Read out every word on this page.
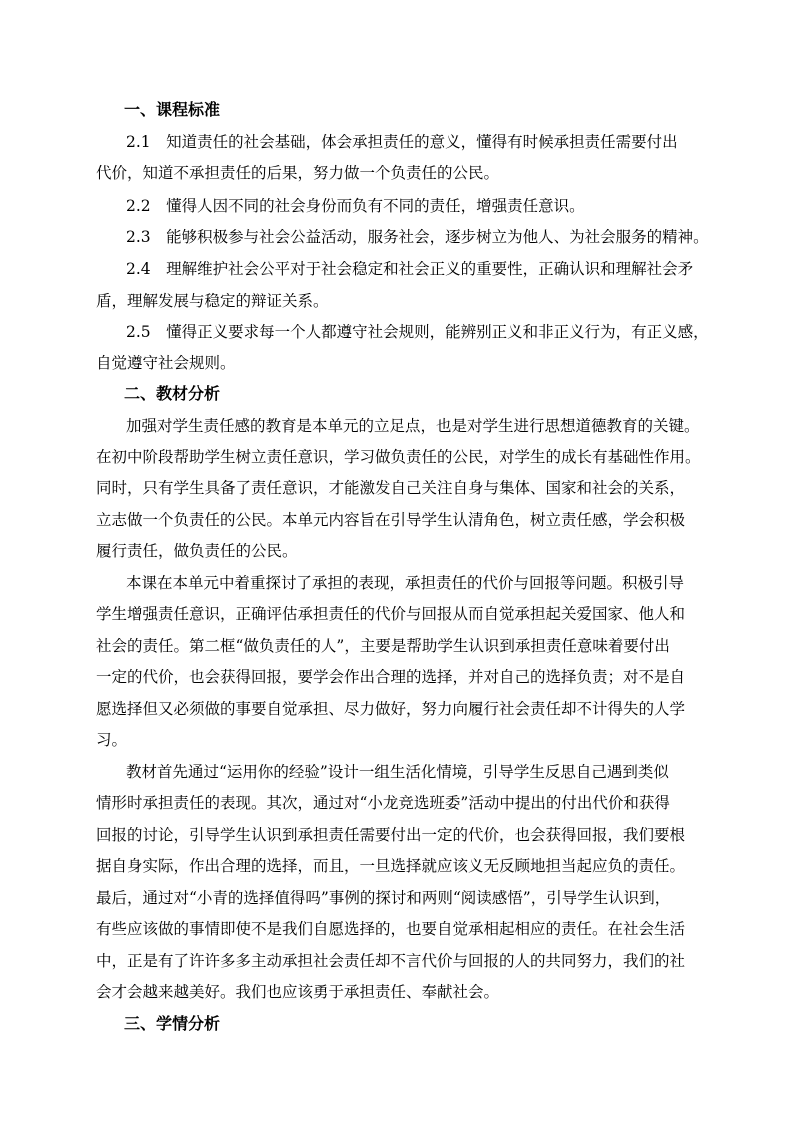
一、课程标准
2.1　知道责任的社会基础，体会承担责任的意义，懂得有时候承担责任需要付出
代价，知道不承担责任的后果，努力做一个负责任的公民。
2.2　懂得人因不同的社会身份而负有不同的责任，增强责任意识。
2.3　能够积极参与社会公益活动，服务社会，逐步树立为他人、为社会服务的精神。
2.4　理解维护社会公平对于社会稳定和社会正义的重要性，正确认识和理解社会矛
盾，理解发展与稳定的辩证关系。
2.5　懂得正义要求每一个人都遵守社会规则，能辨别正义和非正义行为，有正义感，
自觉遵守社会规则。
二、教材分析
加强对学生责任感的教育是本单元的立足点，也是对学生进行思想道德教育的关键。
在初中阶段帮助学生树立责任意识，学习做负责任的公民，对学生的成长有基础性作用。
同时，只有学生具备了责任意识，才能激发自己关注自身与集体、国家和社会的关系，
立志做一个负责任的公民。本单元内容旨在引导学生认清角色，树立责任感，学会积极
履行责任，做负责任的公民。
本课在本单元中着重探讨了承担的表现，承担责任的代价与回报等问题。积极引导
学生增强责任意识，正确评估承担责任的代价与回报从而自觉承担起关爱国家、他人和
社会的责任。第二框“做负责任的人”，主要是帮助学生认识到承担责任意味着要付出
一定的代价，也会获得回报，要学会作出合理的选择，并对自己的选择负责；对不是自
愿选择但又必须做的事要自觉承担、尽力做好，努力向履行社会责任却不计得失的人学
习。
教材首先通过“运用你的经验”设计一组生活化情境，引导学生反思自己遇到类似
情形时承担责任的表现。其次，通过对“小龙竞选班委”活动中提出的付出代价和获得
回报的讨论，引导学生认识到承担责任需要付出一定的代价，也会获得回报，我们要根
据自身实际，作出合理的选择，而且，一旦选择就应该义无反顾地担当起应负的责任。
最后，通过对“小青的选择值得吗”事例的探讨和两则“阅读感悟”，引导学生认识到，
有些应该做的事情即使不是我们自愿选择的，也要自觉承相起相应的责任。在社会生活
中，正是有了许许多多主动承担社会责任却不言代价与回报的人的共同努力，我们的社
会才会越来越美好。我们也应该勇于承担责任、奉献社会。
三、学情分析
